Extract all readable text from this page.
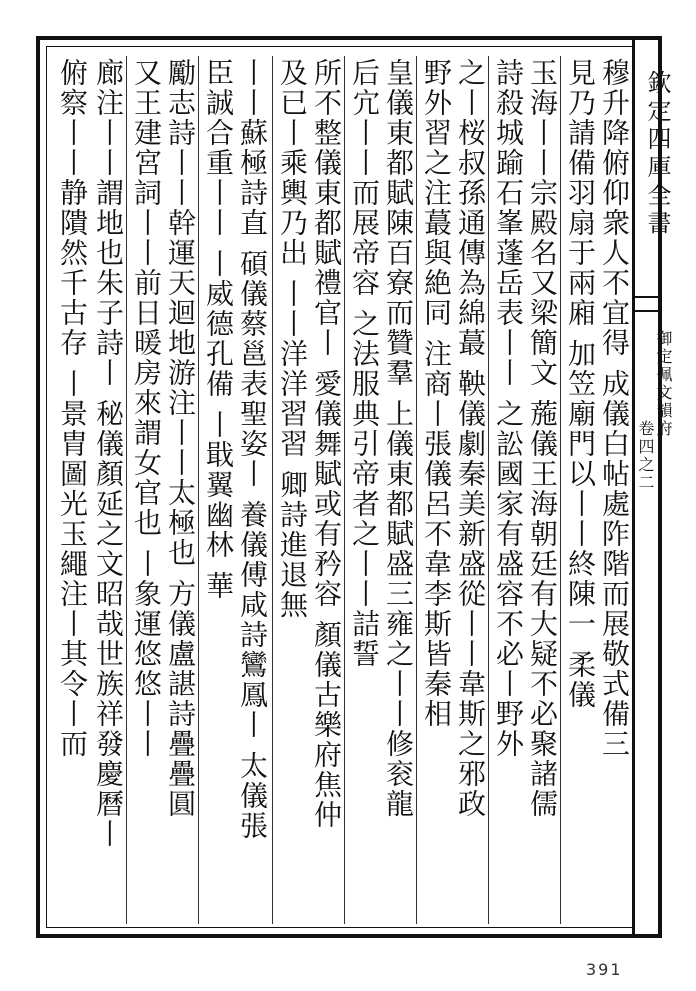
欽定四庫全書
御定佩文韻府
卷四之二
穆升降俯仰衆人不宜得 成儀白帖處阼階而展敬式備三
見乃請備羽扇于兩廂 加笠廟門以丨丨終陳一 柔儀
玉海丨丨宗殿名又梁簡文 葹儀王海朝廷有大疑不必聚諸儒
詩殺城踰石峯蓬岳表丨丨 之訟國家有盛容不必丨野外
之丨桜叔孫通傳為綿蕞 鞅儀劇秦美新盛從丨丨韋斯之邪政
野外習之注蕞與絶同 注商丨張儀呂不韋李斯皆秦相
皇儀東都賦陳百寮而贊羣 上儀東都賦盛三雍之丨丨修衮龍
后宂丨丨而展帝容 之法服典引帝者之丨丨詰誓
所不整儀東都賦禮官丨 愛儀舞賦或有矜容 顏儀古樂府焦仲
及已丨乘輿乃出 丨丨洋洋習習 卿詩進退無
丨丨蘇極詩直 碩儀蔡邕表聖姿丨 養儀傅咸詩鸞鳳丨 太儀張
臣誠合重丨丨 丨威德孔備 丨戢翼幽林 華
勵志詩丨丨幹運天迴地游注丨丨太極也 方儀盧諶詩疊疊圓
又王建宮詞丨丨前日暖房來謂女官也 丨象運悠悠丨丨
廊注丨丨謂地也朱子詩丨 秘儀顏延之文昭哉世族祥發慶曆丨
俯察丨丨静隤然千古存 丨景胄圖光玉繩注丨其令丨而
391
